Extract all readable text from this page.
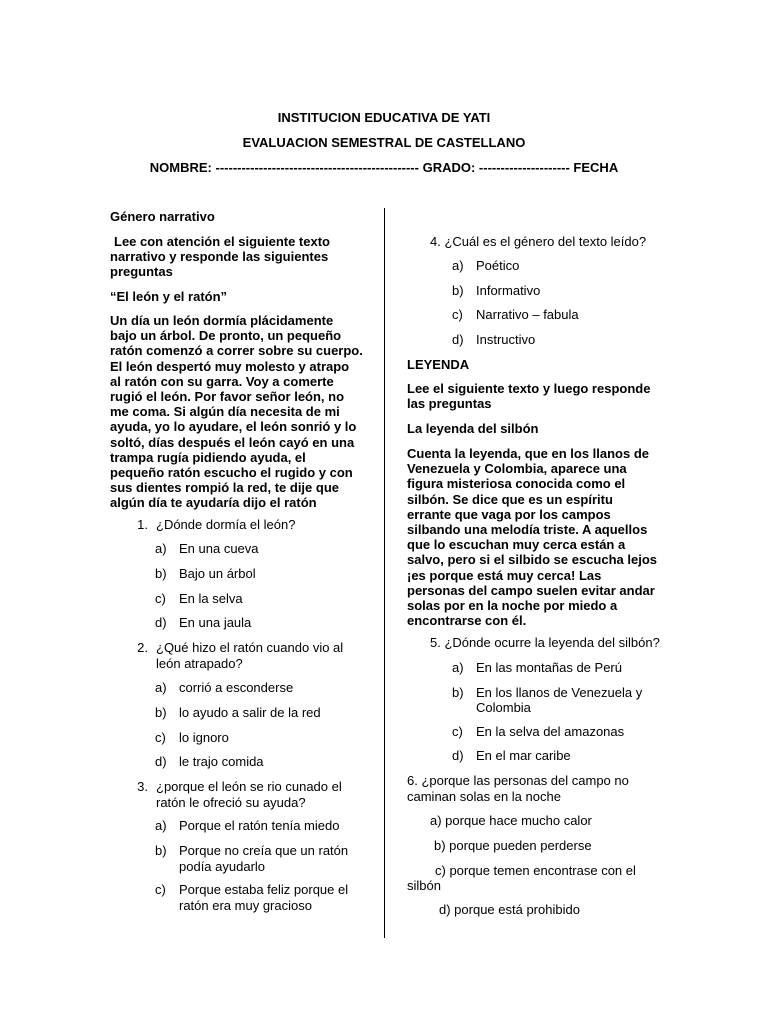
INSTITUCION EDUCATIVA DE YATI
EVALUACION SEMESTRAL DE CASTELLANO
NOMBRE: ----------------------------------------------- GRADO: --------------------- FECHA
Género narrativo
Lee con atención el siguiente texto narrativo y responde las siguientes preguntas
“El león y el ratón”
Un día un león dormía plácidamente
bajo un árbol. De pronto, un pequeño
ratón comenzó a correr sobre su cuerpo.
El león despertó muy molesto y atrapo
al ratón con su garra. Voy a comerte
rugió el león. Por favor señor león, no
me coma. Si algún día necesita de mi
ayuda, yo lo ayudare, el león sonrió y lo
soltó, días después el león cayó en una
trampa rugía pidiendo ayuda, el
pequeño ratón escucho el rugido y con
sus dientes rompió la red, te dije que
algún día te ayudaría dijo el ratón
1. ¿Dónde dormía el león?
a) En una cueva
b) Bajo un árbol
c) En la selva
d) En una jaula
2. ¿Qué hizo el ratón cuando vio al
león atrapado?
a) corrió a esconderse
b) lo ayudo a salir de la red
c) lo ignoro
d) le trajo comida
3. ¿porque el león se rio cunado el
ratón le ofreció su ayuda?
a) Porque el ratón tenía miedo
b) Porque no creía que un ratón
podía ayudarlo
c) Porque estaba feliz porque el
ratón era muy gracioso
4. ¿Cuál es el género del texto leído?
a) Poético
b) Informativo
c) Narrativo – fabula
d) Instructivo
LEYENDA
Lee el siguiente texto y luego responde
las preguntas
La leyenda del silbón
Cuenta la leyenda, que en los llanos de
Venezuela y Colombia, aparece una
figura misteriosa conocida como el
silbón. Se dice que es un espíritu
errante que vaga por los campos
silbando una melodía triste. A aquellos
que lo escuchan muy cerca están a
salvo, pero si el silbido se escucha lejos
¡es porque está muy cerca! Las
personas del campo suelen evitar andar
solas por en la noche por miedo a
encontrarse con él.
5. ¿Dónde ocurre la leyenda del silbón?
a) En las montañas de Perú
b) En los llanos de Venezuela y
Colombia
c) En la selva del amazonas
d) En el mar caribe
6. ¿porque las personas del campo no
caminan solas en la noche
a) porque hace mucho calor
b) porque pueden perderse
c) porque temen encontrase con el
silbón
d) porque está prohibido
